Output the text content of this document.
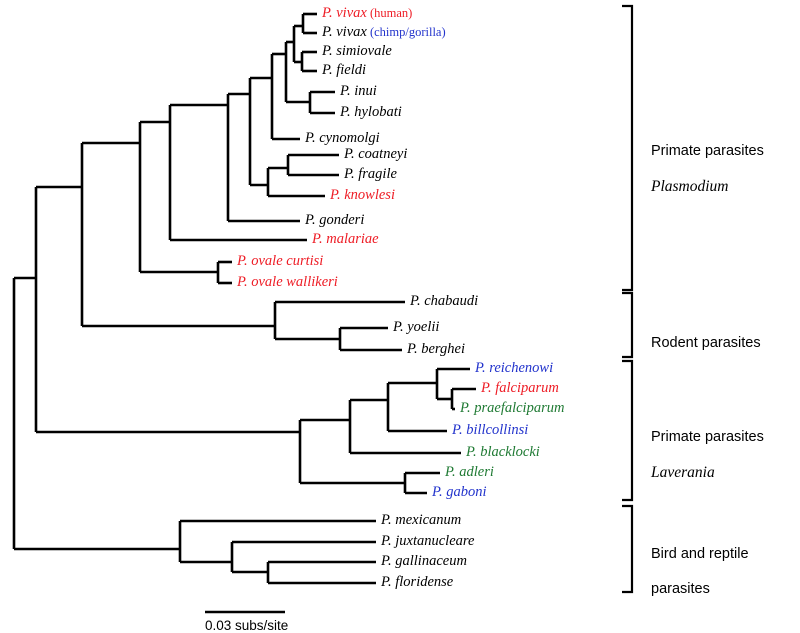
P. vivax (human)
P. vivax (chimp/gorilla)
P. simiovale
P. fieldi
P. inui
P. hylobati
P. cynomolgi
P. coatneyi
P. fragile
P. knowlesi
P. gonderi
P. malariae
P. ovale curtisi
P. ovale wallikeri
P. chabaudi
P. yoelii
P. berghei
P. reichenowi
P. falciparum
P. praefalciparum
P. billcollinsi
P. blacklocki
P. adleri
P. gaboni
P. mexicanum
P. juxtanucleare
P. gallinaceum
P. floridense

Primate parasites

Plasmodium

Rodent parasites

Primate parasites

Laverania

Bird and reptile

parasites

0.03 subs/site
